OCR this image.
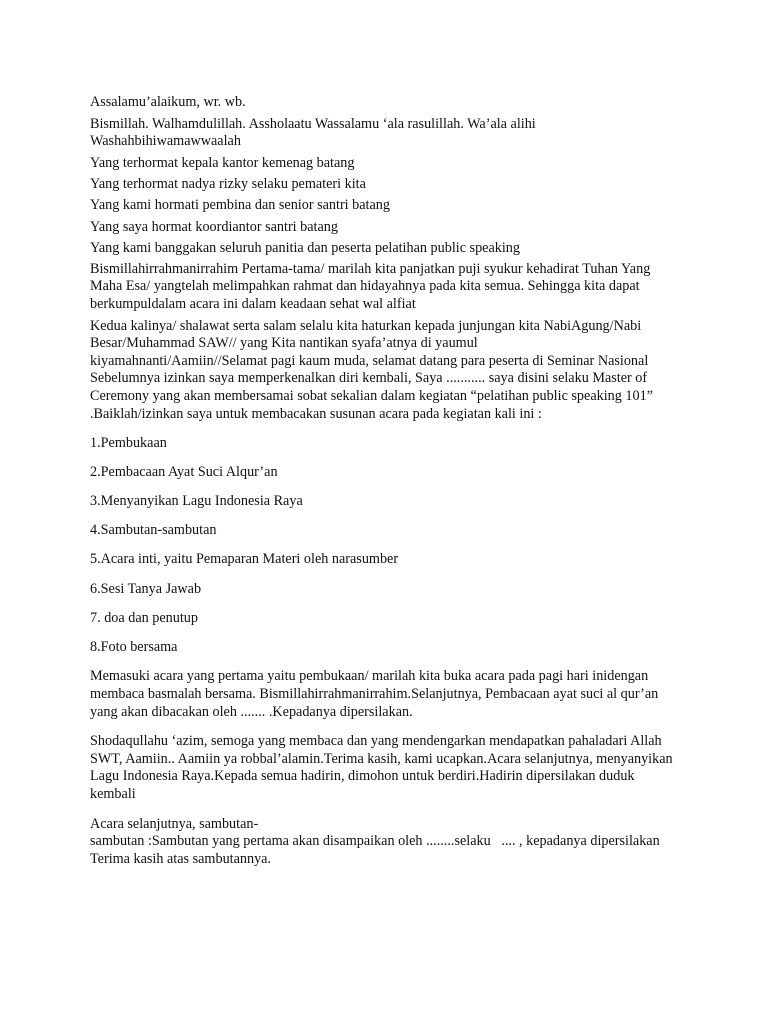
Assalamu’alaikum, wr. wb.

Bismillah. Walhamdulillah. Assholaatu Wassalamu ‘ala rasulillah. Wa’ala alihi Washahbihiwamawwaalah

Yang terhormat kepala kantor kemenag batang

Yang terhormat nadya rizky selaku pemateri kita

Yang kami hormati pembina dan senior santri batang

Yang saya hormat koordiantor santri batang

Yang kami banggakan seluruh panitia dan peserta pelatihan public speaking

Bismillahirrahmanirrahim Pertama-tama/ marilah kita panjatkan puji syukur kehadirat Tuhan Yang Maha Esa/ yangtelah melimpahkan rahmat dan hidayahnya pada kita semua. Sehingga kita dapat berkumpuldalam acara ini dalam keadaan sehat wal alfiat

Kedua kalinya/ shalawat serta salam selalu kita haturkan kepada junjungan kita NabiAgung/Nabi Besar/Muhammad SAW// yang Kita nantikan syafa’atnya di yaumul
kiyamahnanti/Aamiin//Selamat pagi kaum muda, selamat datang para peserta di Seminar Nasional Sebelumnya izinkan saya memperkenalkan diri kembali, Saya ........... saya disini selaku Master of Ceremony yang akan membersamai sobat sekalian dalam kegiatan “pelatihan public speaking 101”

.Baiklah/izinkan saya untuk membacakan susunan acara pada kegiatan kali ini :

1.Pembukaan

2.Pembacaan Ayat Suci Alqur’an

3.Menyanyikan Lagu Indonesia Raya

4.Sambutan-sambutan

5.Acara inti, yaitu Pemaparan Materi oleh narasumber

6.Sesi Tanya Jawab

7. doa dan penutup

8.Foto bersama

Memasuki acara yang pertama yaitu pembukaan/ marilah kita buka acara pada pagi hari inidengan membaca basmalah bersama. Bismillahirrahmanirrahim.Selanjutnya, Pembacaan ayat suci al qur’an yang akan dibacakan oleh ....... .Kepadanya dipersilakan.

Shodaqullahu ‘azim, semoga yang membaca dan yang mendengarkan mendapatkan pahaladari Allah SWT, Aamiin.. Aamiin ya robbal’alamin.Terima kasih, kami ucapkan.Acara selanjutnya, menyanyikan Lagu Indonesia Raya.Kepada semua hadirin, dimohon untuk berdiri.Hadirin dipersilakan duduk kembali

Acara selanjutnya, sambutan-
sambutan :Sambutan yang pertama akan disampaikan oleh ........selaku   .... , kepadanya dipersilakan Terima kasih atas sambutannya.
